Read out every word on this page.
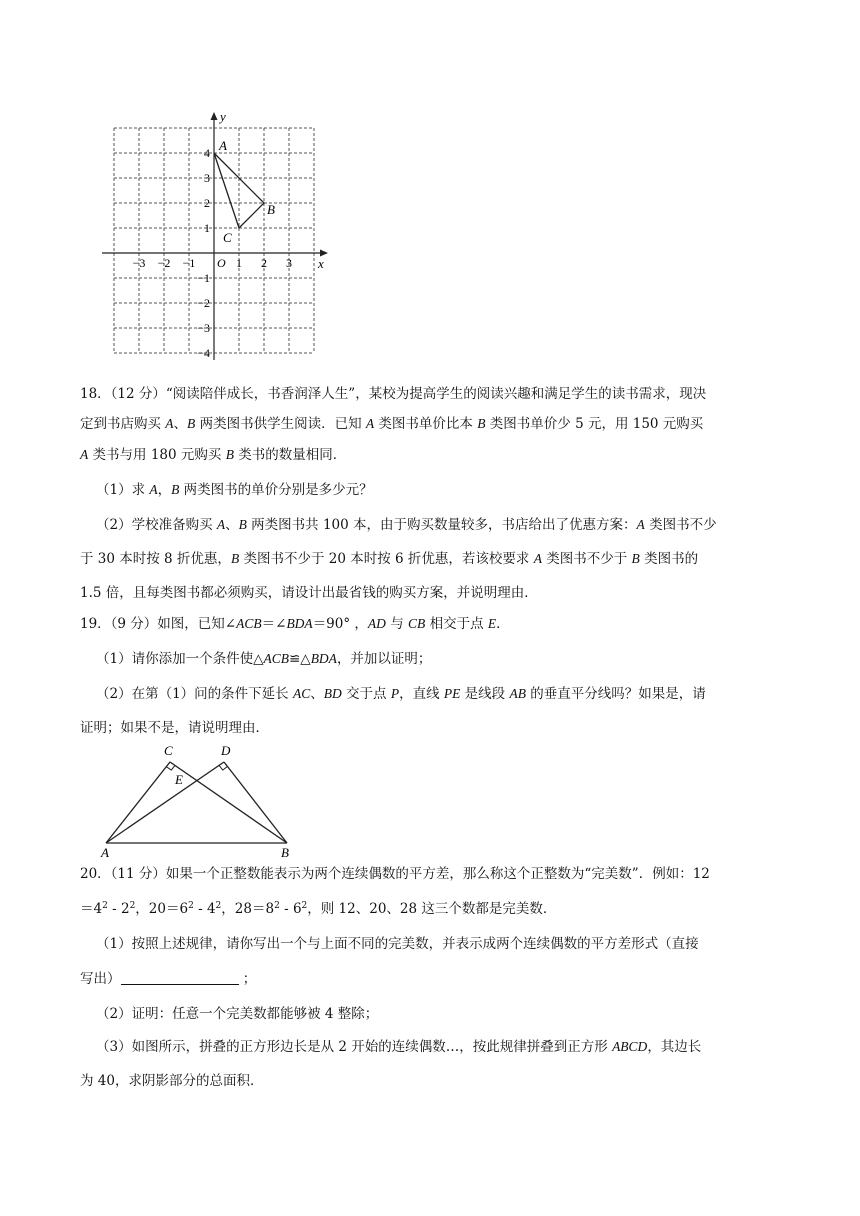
x
y
O
−3 −2 −1	1 2 3
4
3
2
1
−1
−2
−3
−4
A
B
C
18．（12 分）“阅读陪伴成长，书香润泽人生”，某校为提高学生的阅读兴趣和满足学生的读书需求，现决
定到书店购买 A、B 两类图书供学生阅读．已知 A 类图书单价比本 B 类图书单价少 5 元，用 150 元购买
A 类书与用 180 元购买 B 类书的数量相同．
（1）求 A，B 两类图书的单价分别是多少元？
（2）学校准备购买 A、B 两类图书共 100 本，由于购买数量较多，书店给出了优惠方案：A 类图书不少
于 30 本时按 8 折优惠，B 类图书不少于 20 本时按 6 折优惠，若该校要求 A 类图书不少于 B 类图书的
1.5 倍，且每类图书都必须购买，请设计出最省钱的购买方案，并说明理由．
19．（9 分）如图，已知∠ACB＝∠BDA＝90° ，AD 与 CB 相交于点 E．
（1）请你添加一个条件使△ACB≌△BDA，并加以证明；
（2）在第（1）问的条件下延长 AC、BD 交于点 P，直线 PE 是线段 AB 的垂直平分线吗？如果是，请
证明；如果不是，请说明理由．
A	B
C	D
E
20．（11 分）如果一个正整数能表示为两个连续偶数的平方差，那么称这个正整数为“完美数”．例如：12
$=4^2 - 2^2$，$20=6^2 - 4^2$，$28=8^2 - 6^2$，则 12、20、28 这三个数都是完美数．
（1）按照上述规律，请你写出一个与上面不同的完美数，并表示成两个连续偶数的平方差形式（直接
写出）	；
（2）证明：任意一个完美数都能够被 4 整除；
（3）如图所示，拼叠的正方形边长是从 2 开始的连续偶数…，按此规律拼叠到正方形 ABCD，其边长
为 40，求阴影部分的总面积．
